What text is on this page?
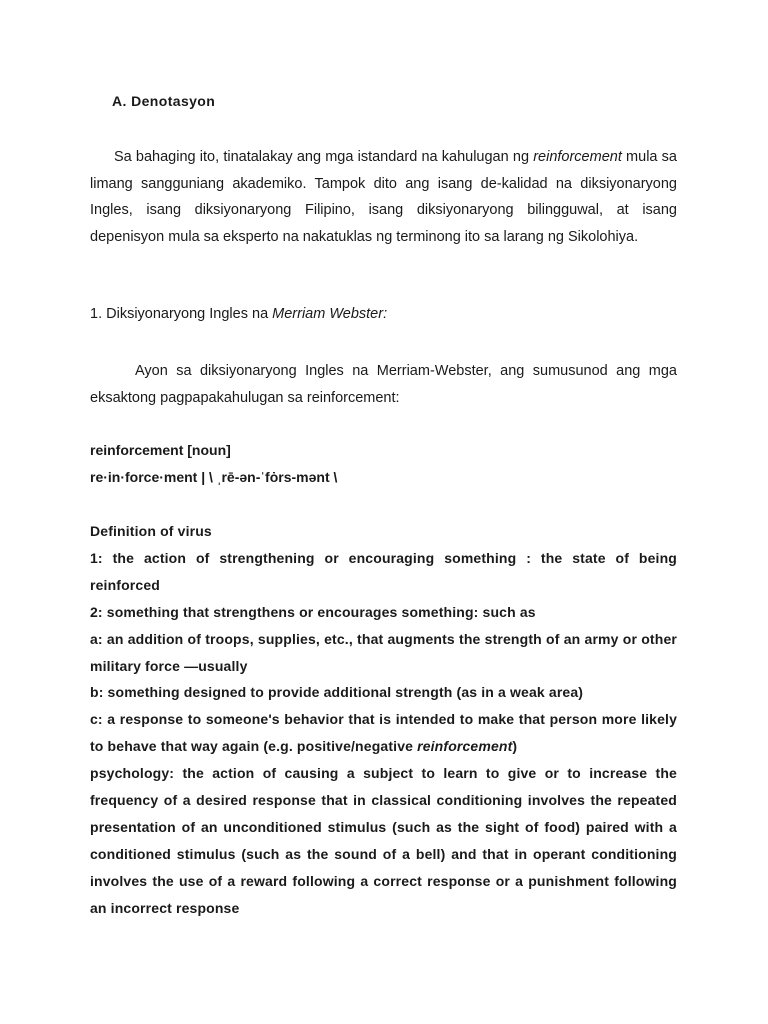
A. Denotasyon

Sa bahaging ito, tinatalakay ang mga istandard na kahulugan ng reinforcement mula sa limang sangguniang akademiko. Tampok dito ang isang de-kalidad na diksiyonaryong Ingles, isang diksiyonaryong Filipino, isang diksiyonaryong bilingguwal, at isang depenisyon mula sa eksperto na nakatuklas ng terminong ito sa larang ng Sikolohiya.

1. Diksiyonaryong Ingles na Merriam Webster:

Ayon sa diksiyonaryong Ingles na Merriam-Webster, ang sumusunod ang mga eksaktong pagpapakahulugan sa reinforcement:

reinforcement [noun]
re·in·force·ment | \ ˌrē-ən-ˈfȯrs-mənt \
Definition of virus
1: the action of strengthening or encouraging something : the state of being reinforced
2: something that strengthens or encourages something: such as
a: an addition of troops, supplies, etc., that augments the strength of an army or other military force —usually
b: something designed to provide additional strength (as in a weak area)
c: a response to someone's behavior that is intended to make that person more likely to behave that way again (e.g. positive/negative reinforcement)
psychology: the action of causing a subject to learn to give or to increase the frequency of a desired response that in classical conditioning involves the repeated presentation of an unconditioned stimulus (such as the sight of food) paired with a conditioned stimulus (such as the sound of a bell) and that in operant conditioning involves the use of a reward following a correct response or a punishment following an incorrect response
